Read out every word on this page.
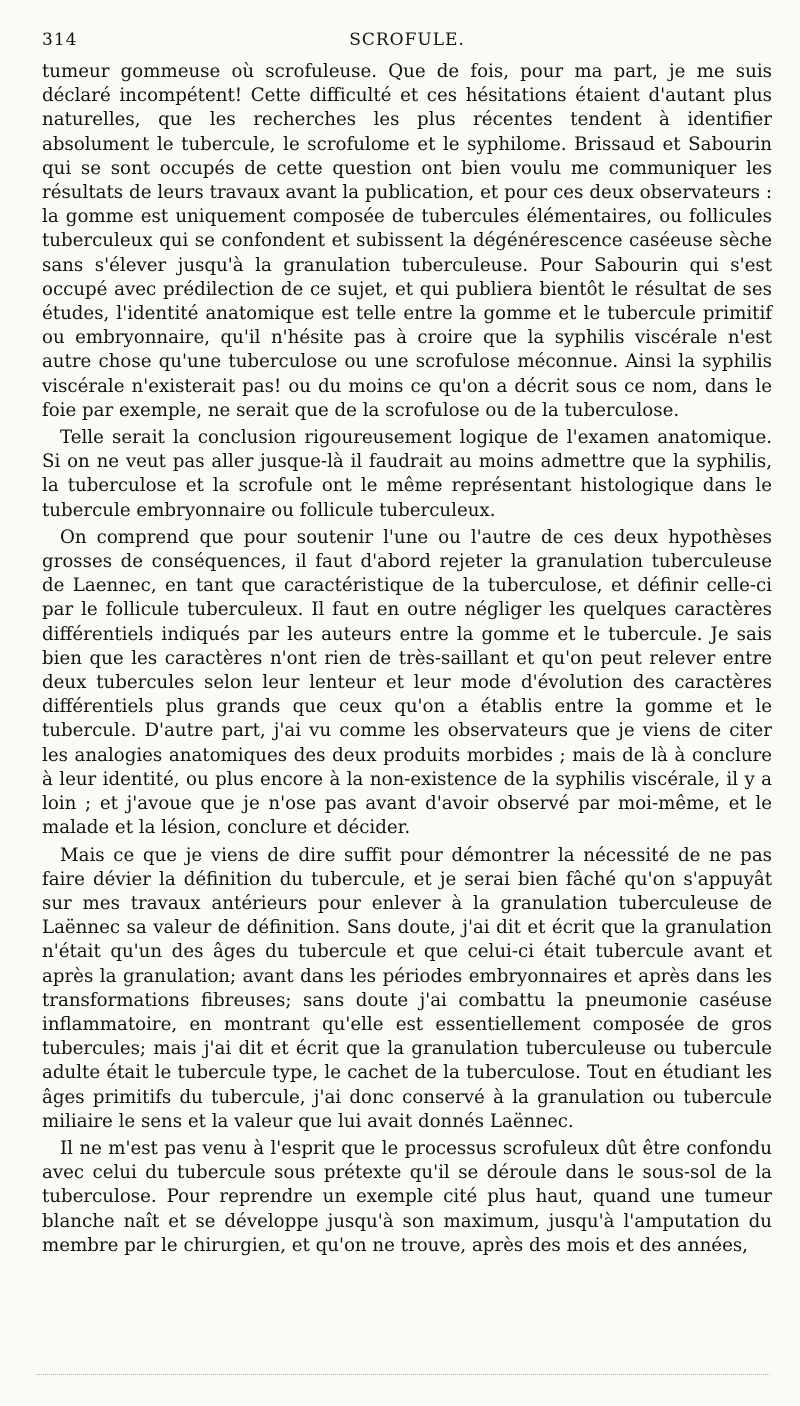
314	SCROFULE.

tumeur gommeuse où scrofuleuse. Que de fois, pour ma part, je me suis déclaré incompétent! Cette difficulté et ces hésitations étaient d'autant plus naturelles, que les recherches les plus récentes tendent à identifier absolument le tubercule, le scrofulome et le syphilome. Brissaud et Sabourin qui se sont occupés de cette question ont bien voulu me communiquer les résultats de leurs travaux avant la publication, et pour ces deux observateurs : la gomme est uniquement composée de tubercules élémentaires, ou follicules tuberculeux qui se confondent et subissent la dégénérescence caséeuse sèche sans s'élever jusqu'à la granulation tuberculeuse. Pour Sabourin qui s'est occupé avec prédilection de ce sujet, et qui publiera bientôt le résultat de ses études, l'identité anatomique est telle entre la gomme et le tubercule primitif ou embryonnaire, qu'il n'hésite pas à croire que la syphilis viscérale n'est autre chose qu'une tuberculose ou une scrofulose méconnue. Ainsi la syphilis viscérale n'existerait pas! ou du moins ce qu'on a décrit sous ce nom, dans le foie par exemple, ne serait que de la scrofulose ou de la tuberculose.

Telle serait la conclusion rigoureusement logique de l'examen anatomique. Si on ne veut pas aller jusque-là il faudrait au moins admettre que la syphilis, la tuberculose et la scrofule ont le même représentant histologique dans le tubercule embryonnaire ou follicule tuberculeux.

On comprend que pour soutenir l'une ou l'autre de ces deux hypothèses grosses de conséquences, il faut d'abord rejeter la granulation tuberculeuse de Laennec, en tant que caractéristique de la tuberculose, et définir celle-ci par le follicule tuberculeux. Il faut en outre négliger les quelques caractères différentiels indiqués par les auteurs entre la gomme et le tubercule. Je sais bien que les caractères n'ont rien de très-saillant et qu'on peut relever entre deux tubercules selon leur lenteur et leur mode d'évolution des caractères différentiels plus grands que ceux qu'on a établis entre la gomme et le tubercule. D'autre part, j'ai vu comme les observateurs que je viens de citer les analogies anatomiques des deux produits morbides ; mais de là à conclure à leur identité, ou plus encore à la non-existence de la syphilis viscérale, il y a loin ; et j'avoue que je n'ose pas avant d'avoir observé par moi-même, et le malade et la lésion, conclure et décider.

Mais ce que je viens de dire suffit pour démontrer la nécessité de ne pas faire dévier la définition du tubercule, et je serai bien fâché qu'on s'appuyât sur mes travaux antérieurs pour enlever à la granulation tuberculeuse de Laënnec sa valeur de définition. Sans doute, j'ai dit et écrit que la granulation n'était qu'un des âges du tubercule et que celui-ci était tubercule avant et après la granulation; avant dans les périodes embryonnaires et après dans les transformations fibreuses; sans doute j'ai combattu la pneumonie caséuse inflammatoire, en montrant qu'elle est essentiellement composée de gros tubercules; mais j'ai dit et écrit que la granulation tuberculeuse ou tubercule adulte était le tubercule type, le cachet de la tuberculose. Tout en étudiant les âges primitifs du tubercule, j'ai donc conservé à la granulation ou tubercule miliaire le sens et la valeur que lui avait donnés Laënnec.

Il ne m'est pas venu à l'esprit que le processus scrofuleux dût être confondu avec celui du tubercule sous prétexte qu'il se déroule dans le sous-sol de la tuberculose. Pour reprendre un exemple cité plus haut, quand une tumeur blanche naît et se développe jusqu'à son maximum, jusqu'à l'amputation du membre par le chirurgien, et qu'on ne trouve, après des mois et des années,
